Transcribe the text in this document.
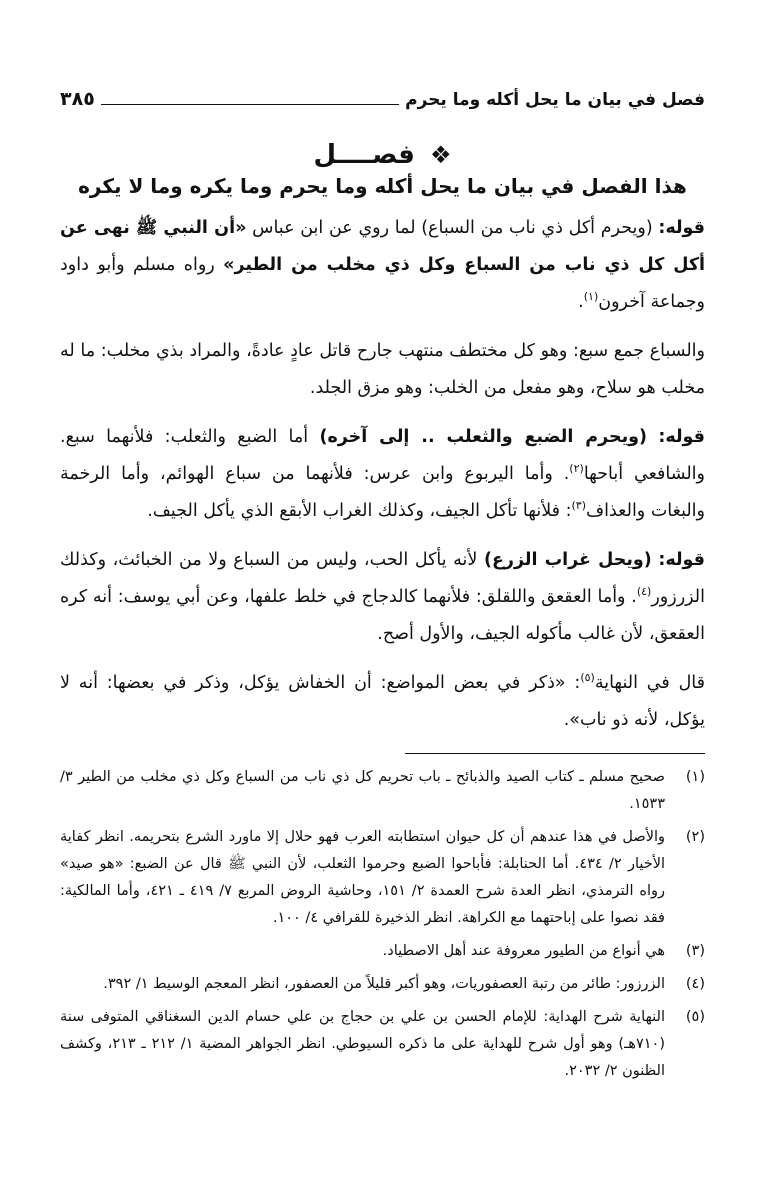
فصل في بيان ما يحل أكله وما يحرم
٣٨٥
❖ فصــــل
هذا الفصل في بيان ما يحل أكله وما يحرم وما يكره وما لا يكره

قوله: (ويحرم أكل ذي ناب من السباع) لما روي عن ابن عباس «أن النبي ﷺ نهى عن أكل كل ذي ناب من السباع وكل ذي مخلب من الطير» رواه مسلم وأبو داود وجماعة آخرون$^{(١)}$.

والسباع جمع سبع: وهو كل مختطف منتهب جارح قاتل عادٍ عادةً، والمراد بذي مخلب: ما له مخلب هو سلاح، وهو مفعل من الخلب: وهو مزق الجلد.

قوله: (ويحرم الضبع والثعلب .. إلى آخره) أما الضبع والثعلب: فلأنهما سبع. والشافعي أباحها$^{(٢)}$. وأما اليربوع وابن عرس: فلأنهما من سباع الهوائم، وأما الرخمة والبغات والعذاف$^{(٣)}$: فلأنها تأكل الجيف، وكذلك الغراب الأبقع الذي يأكل الجيف.

قوله: (ويحل غراب الزرع) لأنه يأكل الحب، وليس من السباع ولا من الخبائث، وكذلك الزرزور$^{(٤)}$. وأما العقعق واللقلق: فلأنهما كالدجاج في خلط علفها، وعن أبي يوسف: أنه كره العقعق، لأن غالب مأكوله الجيف، والأول أصح.

قال في النهاية$^{(٥)}$: «ذكر في بعض المواضع: أن الخفاش يؤكل، وذكر في بعضها: أنه لا يؤكل، لأنه ذو ناب».

(١)
صحيح مسلم ـ كتاب الصيد والذبائح ـ باب تحريم كل ذي ناب من السباع وكل ذي مخلب من الطير ٣/ ١٥٣٣.
(٢)
والأصل في هذا عندهم أن كل حيوان استطابته العرب فهو حلال إلا ماورد الشرع بتحريمه. انظر كفاية الأخيار ٢/ ٤٣٤. أما الحنابلة: فأباحوا الضبع وحرموا الثعلب، لأن النبي ﷺ قال عن الضبع: «هو صيد» رواه الترمذي، انظر العدة شرح العمدة ٢/ ١٥١، وحاشية الروض المربع ٧/ ٤١٩ ـ ٤٢١، وأما المالكية: فقد نصوا على إباحتهما مع الكراهة. انظر الذخيرة للقرافي ٤/ ١٠٠.
(٣)
هي أنواع من الطيور معروفة عند أهل الاصطياد.
(٤)
الزرزور: طائر من رتبة العصفوريات، وهو أكبر قليلاً من العصفور، انظر المعجم الوسيط ١/ ٣٩٢.
(٥)
النهاية شرح الهداية: للإمام الحسن بن علي بن حجاج بن علي حسام الدين السغناقي المتوفى سنة (٧١٠هـ) وهو أول شرح للهداية على ما ذكره السيوطي. انظر الجواهر المضية ١/ ٢١٢ ـ ٢١٣، وكشف الظنون ٢/ ٢٠٣٢.
